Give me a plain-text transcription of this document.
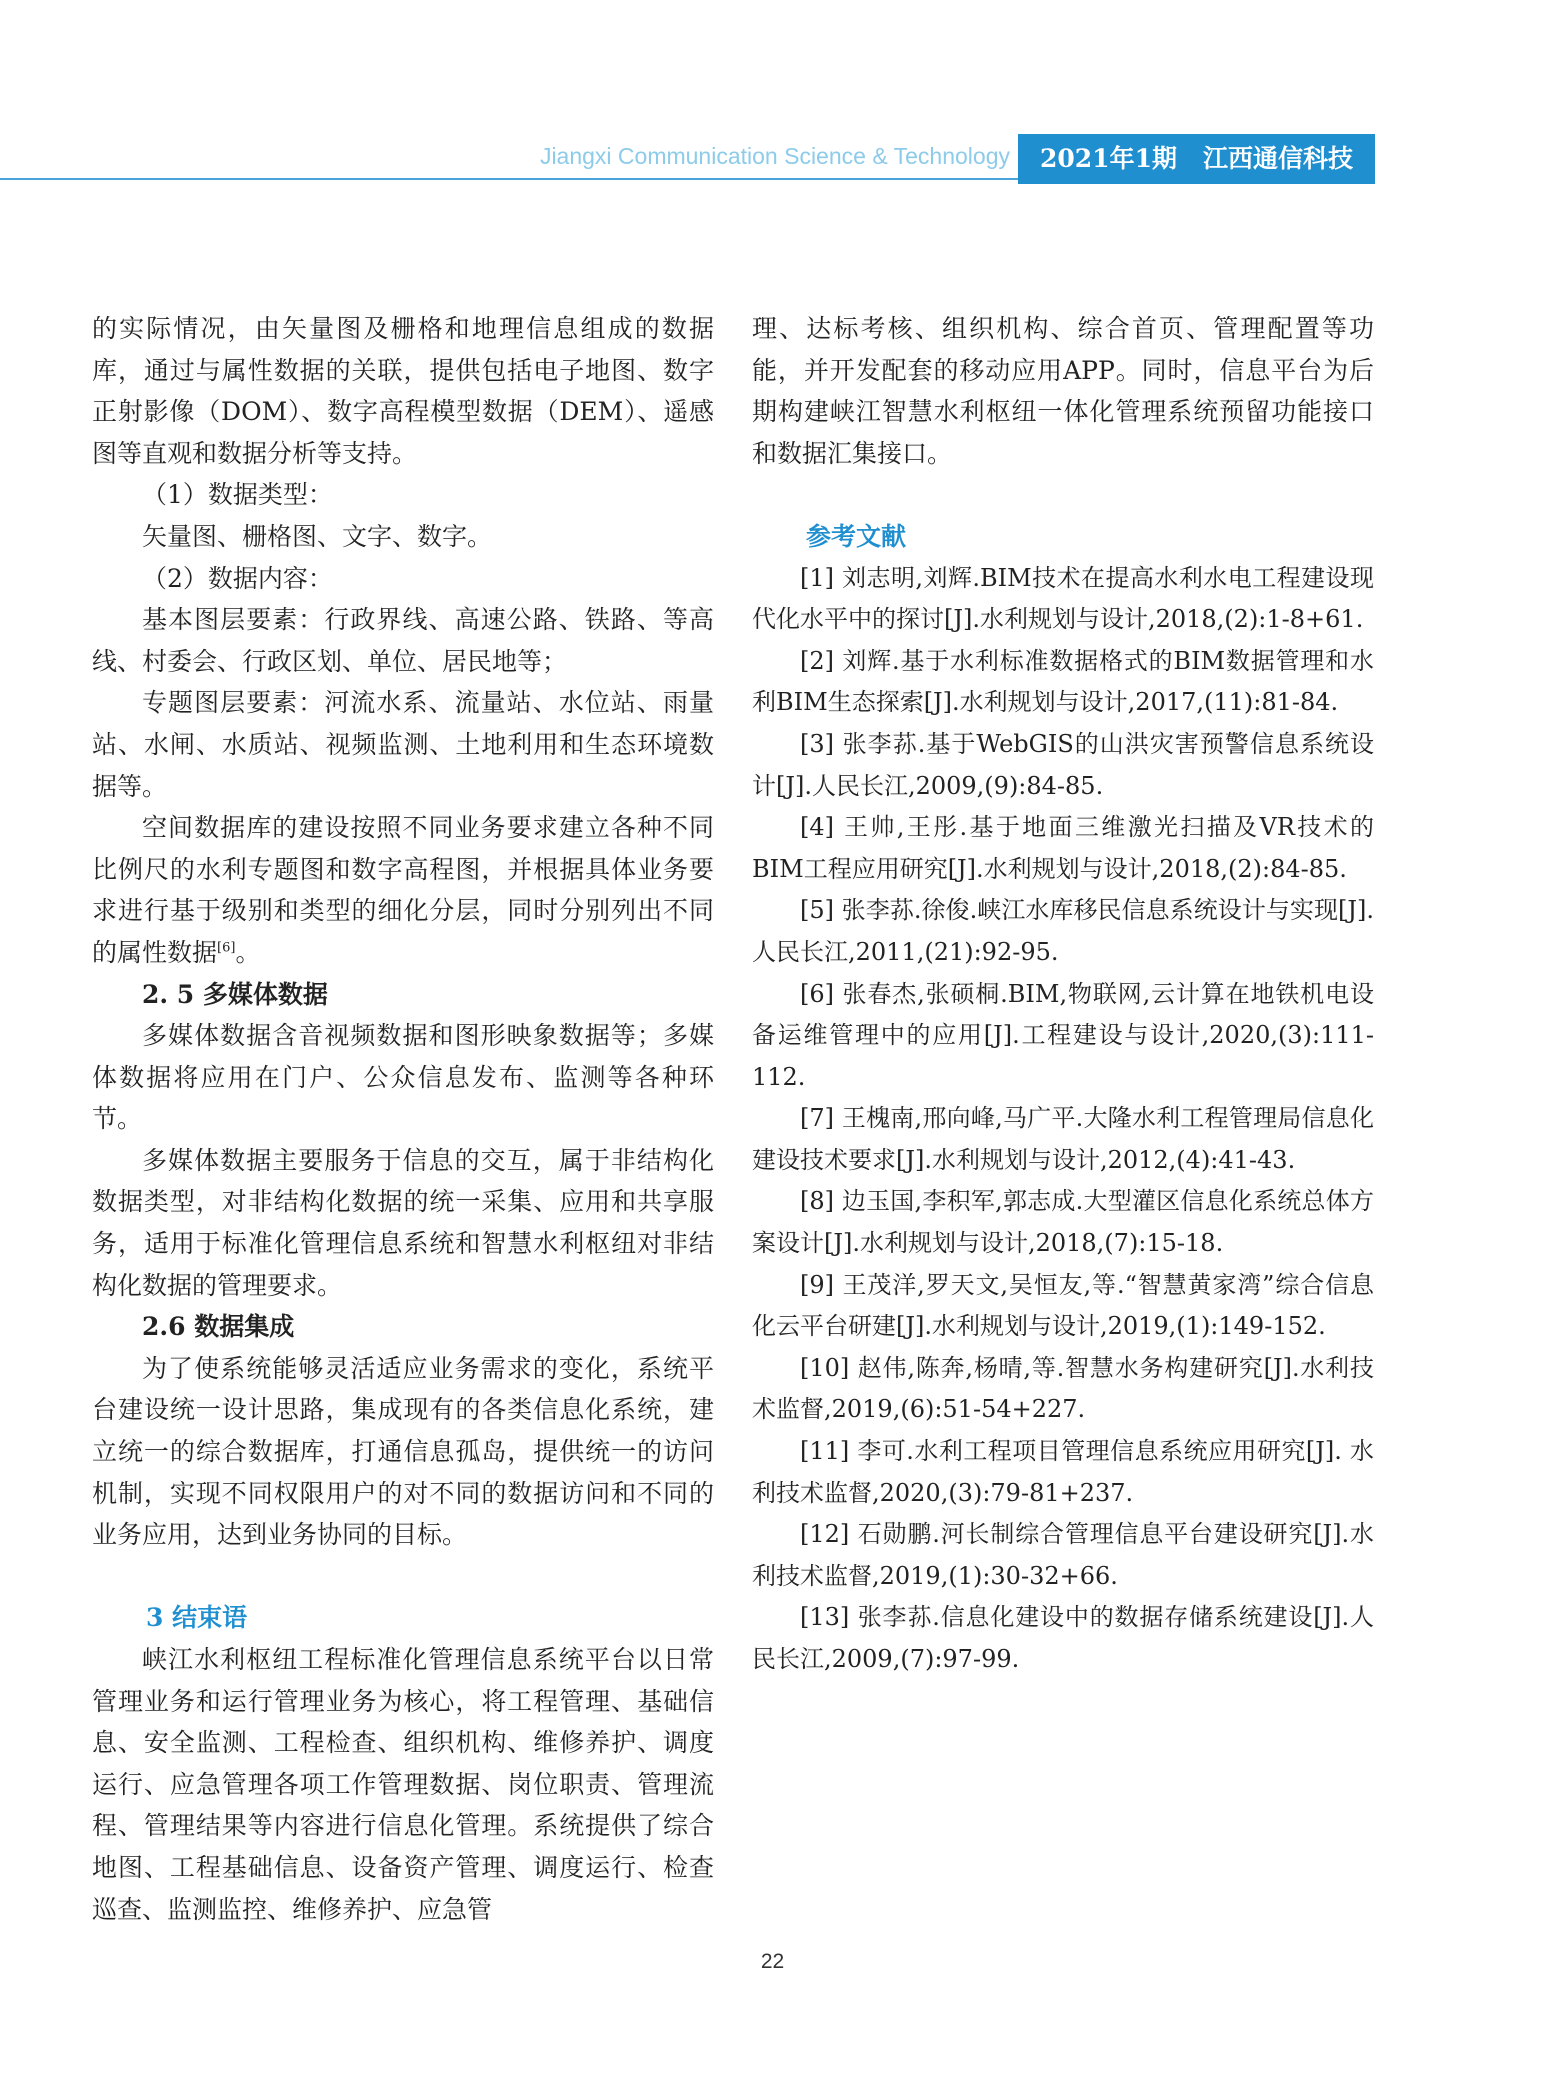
Jiangxi Communication Science & Technology	2021年1期 江西通信科技

的实际情况，由矢量图及栅格和地理信息组成的数据库，通过与属性数据的关联，提供包括电子地图、数字正射影像（DOM）、数字高程模型数据（DEM）、遥感图等直观和数据分析等支持。

（1）数据类型：

矢量图、栅格图、文字、数字。

（2）数据内容：

基本图层要素：行政界线、高速公路、铁路、等高线、村委会、行政区划、单位、居民地等；

专题图层要素：河流水系、流量站、水位站、雨量站、水闸、水质站、视频监测、土地利用和生态环境数据等。

空间数据库的建设按照不同业务要求建立各种不同比例尺的水利专题图和数字高程图，并根据具体业务要求进行基于级别和类型的细化分层，同时分别列出不同的属性数据[6]。

2. 5 多媒体数据

多媒体数据含音视频数据和图形映象数据等；多媒体数据将应用在门户、公众信息发布、监测等各种环节。

多媒体数据主要服务于信息的交互，属于非结构化数据类型，对非结构化数据的统一采集、应用和共享服务，适用于标准化管理信息系统和智慧水利枢纽对非结构化数据的管理要求。

2.6 数据集成

为了使系统能够灵活适应业务需求的变化，系统平台建设统一设计思路，集成现有的各类信息化系统，建立统一的综合数据库，打通信息孤岛，提供统一的访问机制，实现不同权限用户的对不同的数据访问和不同的业务应用，达到业务协同的目标。

3 结束语

峡江水利枢纽工程标准化管理信息系统平台以日常管理业务和运行管理业务为核心，将工程管理、基础信息、安全监测、工程检查、组织机构、维修养护、调度运行、应急管理各项工作管理数据、岗位职责、管理流程、管理结果等内容进行信息化管理。系统提供了综合地图、工程基础信息、设备资产管理、调度运行、检查巡查、监测监控、维修养护、应急管

理、达标考核、组织机构、综合首页、管理配置等功能，并开发配套的移动应用APP。同时，信息平台为后期构建峡江智慧水利枢纽一体化管理系统预留功能接口和数据汇集接口。

参考文献

[1] 刘志明,刘辉.BIM技术在提高水利水电工程建设现代化水平中的探讨[J].水利规划与设计,2018,(2):1-8+61.

[2] 刘辉.基于水利标准数据格式的BIM数据管理和水利BIM生态探索[J].水利规划与设计,2017,(11):81-84.

[3] 张李荪.基于WebGIS的山洪灾害预警信息系统设计[J].人民长江,2009,(9):84-85.

[4] 王帅,王彤.基于地面三维激光扫描及VR技术的BIM工程应用研究[J].水利规划与设计,2018,(2):84-85.

[5] 张李荪.徐俊.峡江水库移民信息系统设计与实现[J].人民长江,2011,(21):92-95.

[6] 张春杰,张硕桐.BIM,物联网,云计算在地铁机电设备运维管理中的应用[J].工程建设与设计,2020,(3):111-112.

[7] 王槐南,邢向峰,马广平.大隆水利工程管理局信息化建设技术要求[J].水利规划与设计,2012,(4):41-43.

[8] 边玉国,李积军,郭志成.大型灌区信息化系统总体方案设计[J].水利规划与设计,2018,(7):15-18.

[9] 王茂洋,罗天文,吴恒友,等.“智慧黄家湾”综合信息化云平台研建[J].水利规划与设计,2019,(1):149-152.

[10] 赵伟,陈奔,杨晴,等.智慧水务构建研究[J].水利技术监督,2019,(6):51-54+227.

[11] 李可.水利工程项目管理信息系统应用研究[J]. 水利技术监督,2020,(3):79-81+237.

[12] 石勋鹏.河长制综合管理信息平台建设研究[J].水利技术监督,2019,(1):30-32+66.

[13] 张李荪.信息化建设中的数据存储系统建设[J].人民长江,2009,(7):97-99.

22
